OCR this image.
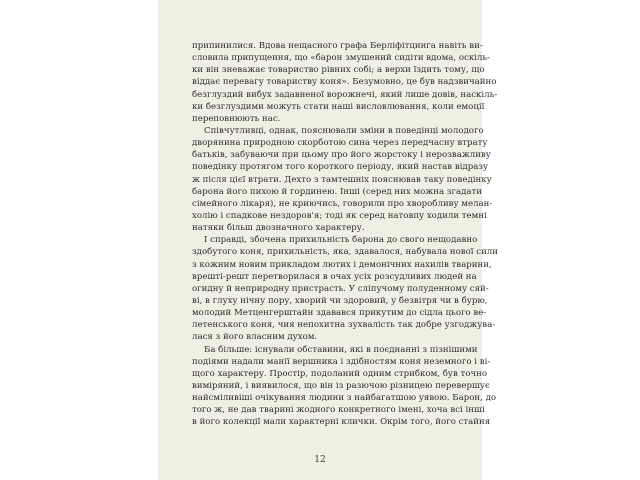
припинилися. Вдова нещасного графа Берліфітцинга навіть ви-
словила припущення, що «барон змушений сидіти вдома, оскіль-
ки він зневажає товариство рівних собі; а верхи їздить тому, що
віддає перевагу товариству коня». Безумовно, це був надзвичайно
безглуздий вибух задавненої ворожнечі, який лише довів, наскіль-
ки безглуздими можуть стати наші висловлювання, коли емоції
переповнюють нас.
Співчутливці, однак, пояснювали зміни в поведінці молодого
дворянина природною скорботою сина через передчасну втрату
батьків, забуваючи при цьому про його жорстоку і нерозважливу
поведінку протягом того короткого періоду, який настав відразу
ж після цієї втрати. Дехто з тамтешніх пояснював таку поведінку
барона його пихою й гординею. Інші (серед них можна згадати
сімейного лікаря), не криючись, говорили про хворобливу мелан-
холію і спадкове нездоров'я; тоді як серед натовпу ходили темні
натяки більш двозначного характеру.
І справді, збочена прихильність барона до свого нещодавно
здобутого коня, прихильність, яка, здавалося, набувала нової сили
з кожним новим прикладом лютих і демонічних нахилів тварини,
врешті-решт перетворилася в очах усіх розсудливих людей на
огидну й неприродну пристрасть. У сліпучому полуденному сяй-
ві, в глуху нічну пору, хворий чи здоровий, у безвітря чи в бурю,
молодий Метценгерштайн здавався прикутим до сідла цього ве-
летенського коня, чия непохитна зухвалість так добре узгоджува-
лася з його власним духом.
Ба більше: існували обставини, які в поєднанні з пізнішими
подіями надали манії вершника і здібностям коня неземного і ві-
щого характеру. Простір, подоланий одним стрибком, був точно
виміряний, і виявилося, що він із разючою різницею перевершує
найсміливіші очікування людини з найбагатшою уявою. Барон, до
того ж, не дав тварині жодного конкретного імені, хоча всі інші
в його колекції мали характерні клички. Окрім того, його стайня
12
